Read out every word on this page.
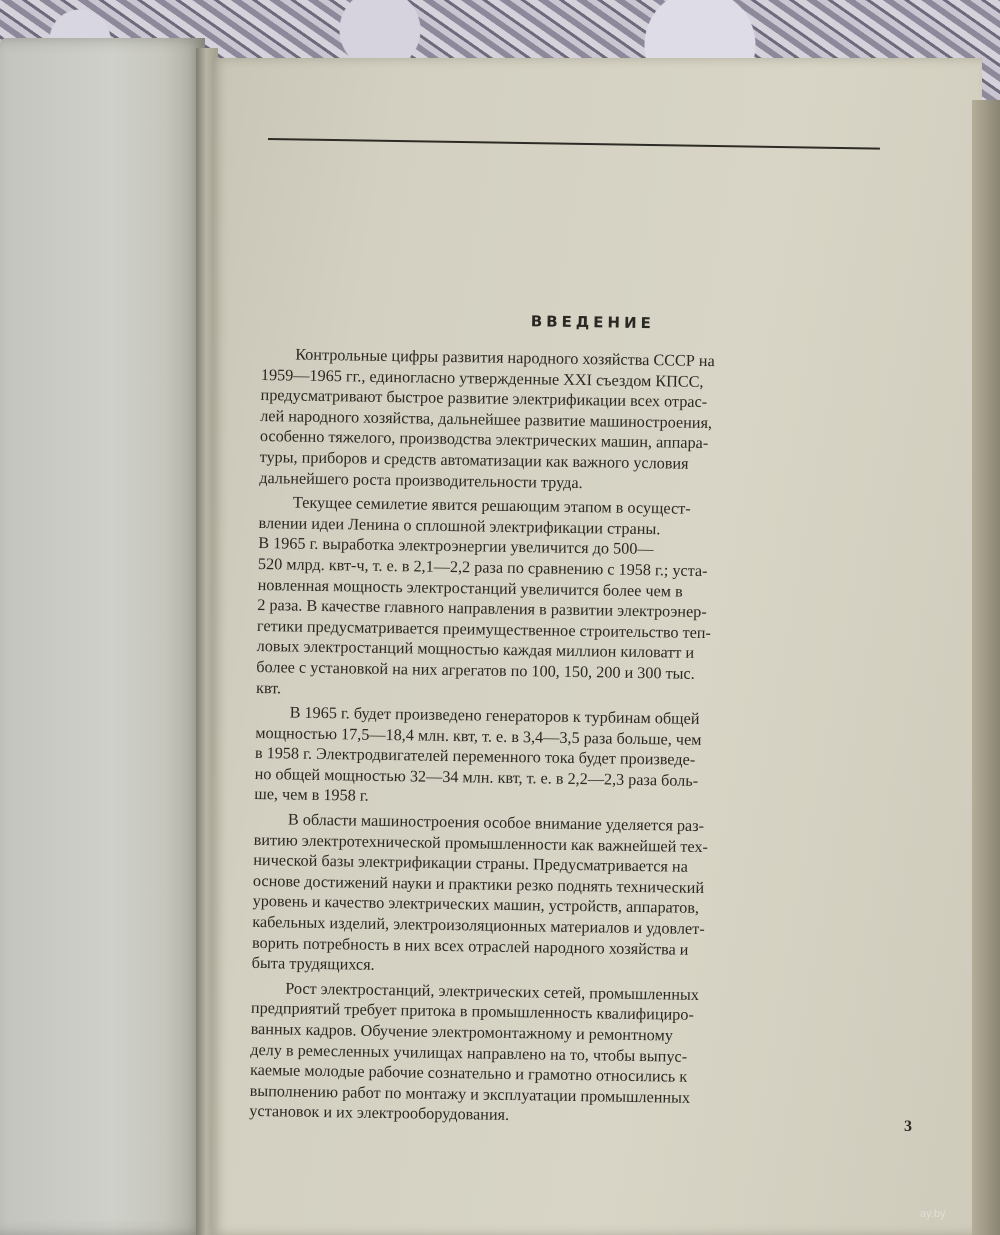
ВВЕДЕНИЕ
Контрольные цифры развития народного хозяйства СССР на
1959—1965 гг., единогласно утвержденные XXI съездом КПСС,
предусматривают быстрое развитие электрификации всех отрас-
лей народного хозяйства, дальнейшее развитие машиностроения,
особенно тяжелого, производства электрических машин, аппара-
туры, приборов и средств автоматизации как важного условия
дальнейшего роста производительности труда.
Текущее семилетие явится решающим этапом в осущест-
влении идеи Ленина о сплошной электрификации страны.
В 1965 г. выработка электроэнергии увеличится до 500—
520 млрд. квт-ч, т. е. в 2,1—2,2 раза по сравнению с 1958 г.; уста-
новленная мощность электростанций увеличится более чем в
2 раза. В качестве главного направления в развитии электроэнер-
гетики предусматривается преимущественное строительство теп-
ловых электростанций мощностью каждая миллион киловатт и
более с установкой на них агрегатов по 100, 150, 200 и 300 тыс.
квт.
В 1965 г. будет произведено генераторов к турбинам общей
мощностью 17,5—18,4 млн. квт, т. е. в 3,4—3,5 раза больше, чем
в 1958 г. Электродвигателей переменного тока будет произведе-
но общей мощностью 32—34 млн. квт, т. е. в 2,2—2,3 раза боль-
ше, чем в 1958 г.
В области машиностроения особое внимание уделяется раз-
витию электротехнической промышленности как важнейшей тех-
нической базы электрификации страны. Предусматривается на
основе достижений науки и практики резко поднять технический
уровень и качество электрических машин, устройств, аппаратов,
кабельных изделий, электроизоляционных материалов и удовлет-
ворить потребность в них всех отраслей народного хозяйства и
быта трудящихся.
Рост электростанций, электрических сетей, промышленных
предприятий требует притока в промышленность квалифициро-
ванных кадров. Обучение электромонтажному и ремонтному
делу в ремесленных училищах направлено на то, чтобы выпус-
каемые молодые рабочие сознательно и грамотно относились к
выполнению работ по монтажу и эксплуатации промышленных
установок и их электрооборудования.
3
ay.by
